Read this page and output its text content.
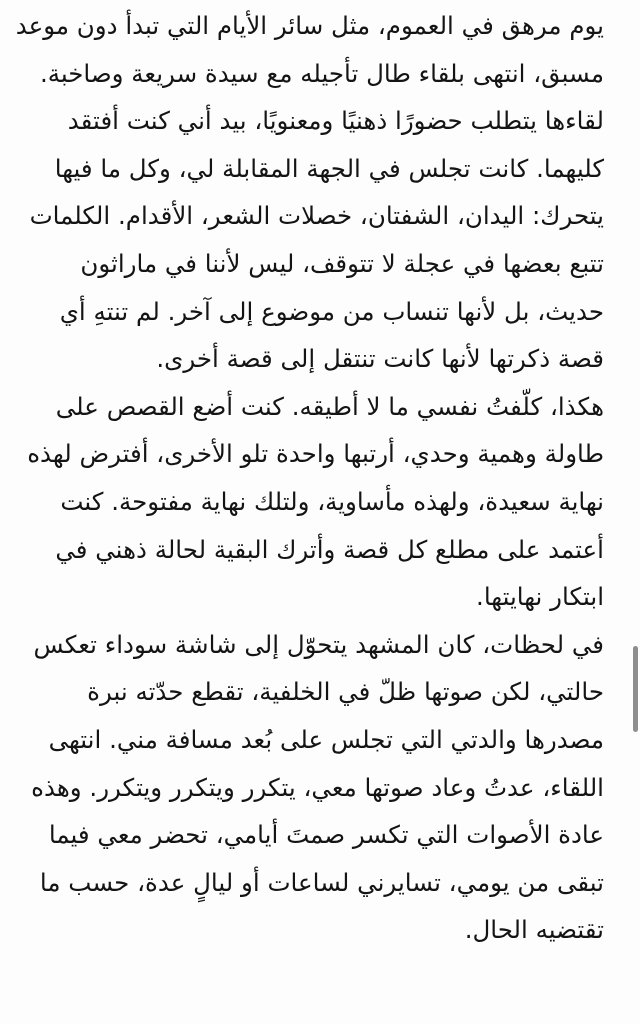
يوم مرهق في العموم، مثل سائر الأيام التي تبدأ دون موعد مسبق، انتهى بلقاء طال تأجيله مع سيدة سريعة وصاخبة. لقاءها يتطلب حضورًا ذهنيًا ومعنويًا، بيد أني كنت أفتقد كليهما. كانت تجلس في الجهة المقابلة لي، وكل ما فيها يتحرك: اليدان، الشفتان، خصلات الشعر، الأقدام. الكلمات تتبع بعضها في عجلة لا تتوقف، ليس لأننا في ماراثون حديث، بل لأنها تنساب من موضوع إلى آخر. لم تنتهِ أي قصة ذكرتها لأنها كانت تنتقل إلى قصة أخرى.

هكذا، كلّفتُ نفسي ما لا أطيقه. كنت أضع القصص على طاولة وهمية وحدي، أرتبها واحدة تلو الأخرى، أفترض لهذه نهاية سعيدة، ولهذه مأساوية، ولتلك نهاية مفتوحة. كنت أعتمد على مطلع كل قصة وأترك البقية لحالة ذهني في ابتكار نهايتها.

في لحظات، كان المشهد يتحوّل إلى شاشة سوداء تعكس حالتي، لكن صوتها ظلّ في الخلفية، تقطع حدّته نبرة مصدرها والدتي التي تجلس على بُعد مسافة مني. انتهى اللقاء، عدتُ وعاد صوتها معي، يتكرر ويتكرر ويتكرر. وهذه عادة الأصوات التي تكسر صمتَ أيامي، تحضر معي فيما تبقى من يومي، تسايرني لساعات أو ليالٍ عدة، حسب ما تقتضيه الحال.
